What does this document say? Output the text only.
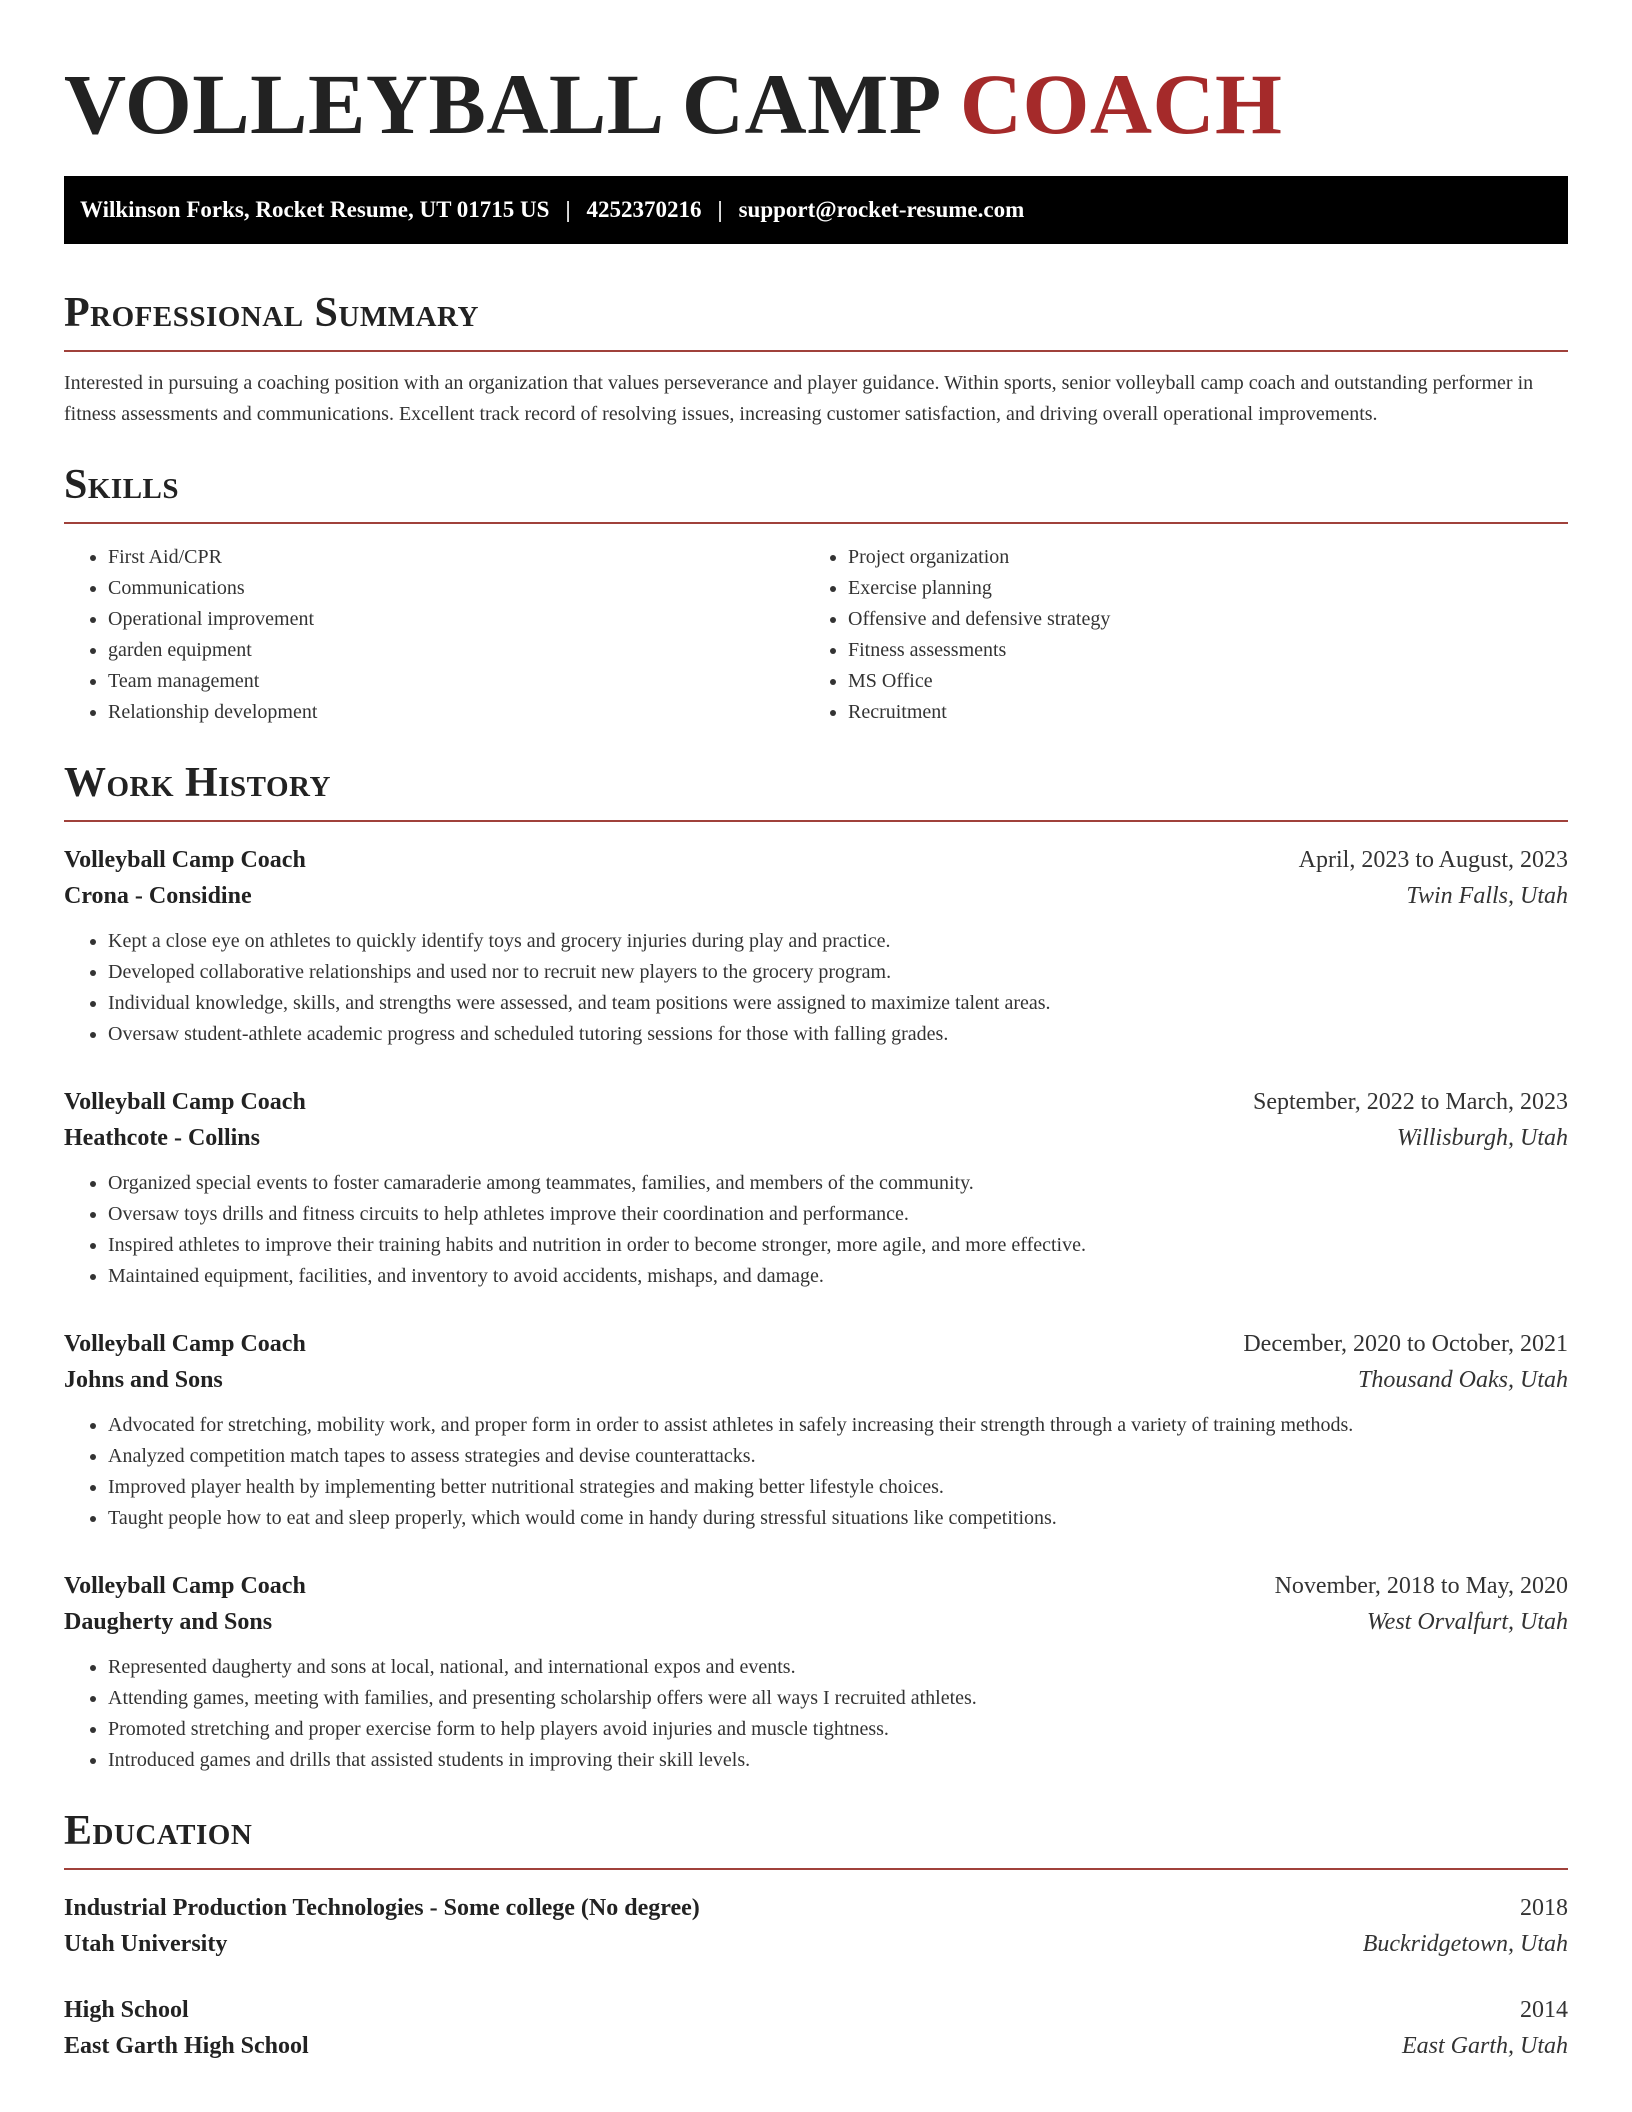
VOLLEYBALL CAMP COACH
Wilkinson Forks, Rocket Resume, UT 01715 US | 4252370216 | support@rocket-resume.com
Professional Summary

Interested in pursuing a coaching position with an organization that values perseverance and player guidance. Within sports, senior volleyball camp coach and outstanding performer in fitness assessments and communications. Excellent track record of resolving issues, increasing customer satisfaction, and driving overall operational improvements.

Skills
• First Aid/CPR
• Communications
• Operational improvement
• garden equipment
• Team management
• Relationship development
• Project organization
• Exercise planning
• Offensive and defensive strategy
• Fitness assessments
• MS Office
• Recruitment
Work History
Volleyball Camp Coach	April, 2023 to August, 2023
Crona - Considine	Twin Falls, Utah
• Kept a close eye on athletes to quickly identify toys and grocery injuries during play and practice.
• Developed collaborative relationships and used nor to recruit new players to the grocery program.
• Individual knowledge, skills, and strengths were assessed, and team positions were assigned to maximize talent areas.
• Oversaw student-athlete academic progress and scheduled tutoring sessions for those with falling grades.
Volleyball Camp Coach	September, 2022 to March, 2023
Heathcote - Collins	Willisburgh, Utah
• Organized special events to foster camaraderie among teammates, families, and members of the community.
• Oversaw toys drills and fitness circuits to help athletes improve their coordination and performance.
• Inspired athletes to improve their training habits and nutrition in order to become stronger, more agile, and more effective.
• Maintained equipment, facilities, and inventory to avoid accidents, mishaps, and damage.
Volleyball Camp Coach	December, 2020 to October, 2021
Johns and Sons	Thousand Oaks, Utah
• Advocated for stretching, mobility work, and proper form in order to assist athletes in safely increasing their strength through a variety of training methods.
• Analyzed competition match tapes to assess strategies and devise counterattacks.
• Improved player health by implementing better nutritional strategies and making better lifestyle choices.
• Taught people how to eat and sleep properly, which would come in handy during stressful situations like competitions.
Volleyball Camp Coach	November, 2018 to May, 2020
Daugherty and Sons	West Orvalfurt, Utah
• Represented daugherty and sons at local, national, and international expos and events.
• Attending games, meeting with families, and presenting scholarship offers were all ways I recruited athletes.
• Promoted stretching and proper exercise form to help players avoid injuries and muscle tightness.
• Introduced games and drills that assisted students in improving their skill levels.
Education
Industrial Production Technologies - Some college (No degree)	2018
Utah University	Buckridgetown, Utah
High School	2014
East Garth High School	East Garth, Utah
